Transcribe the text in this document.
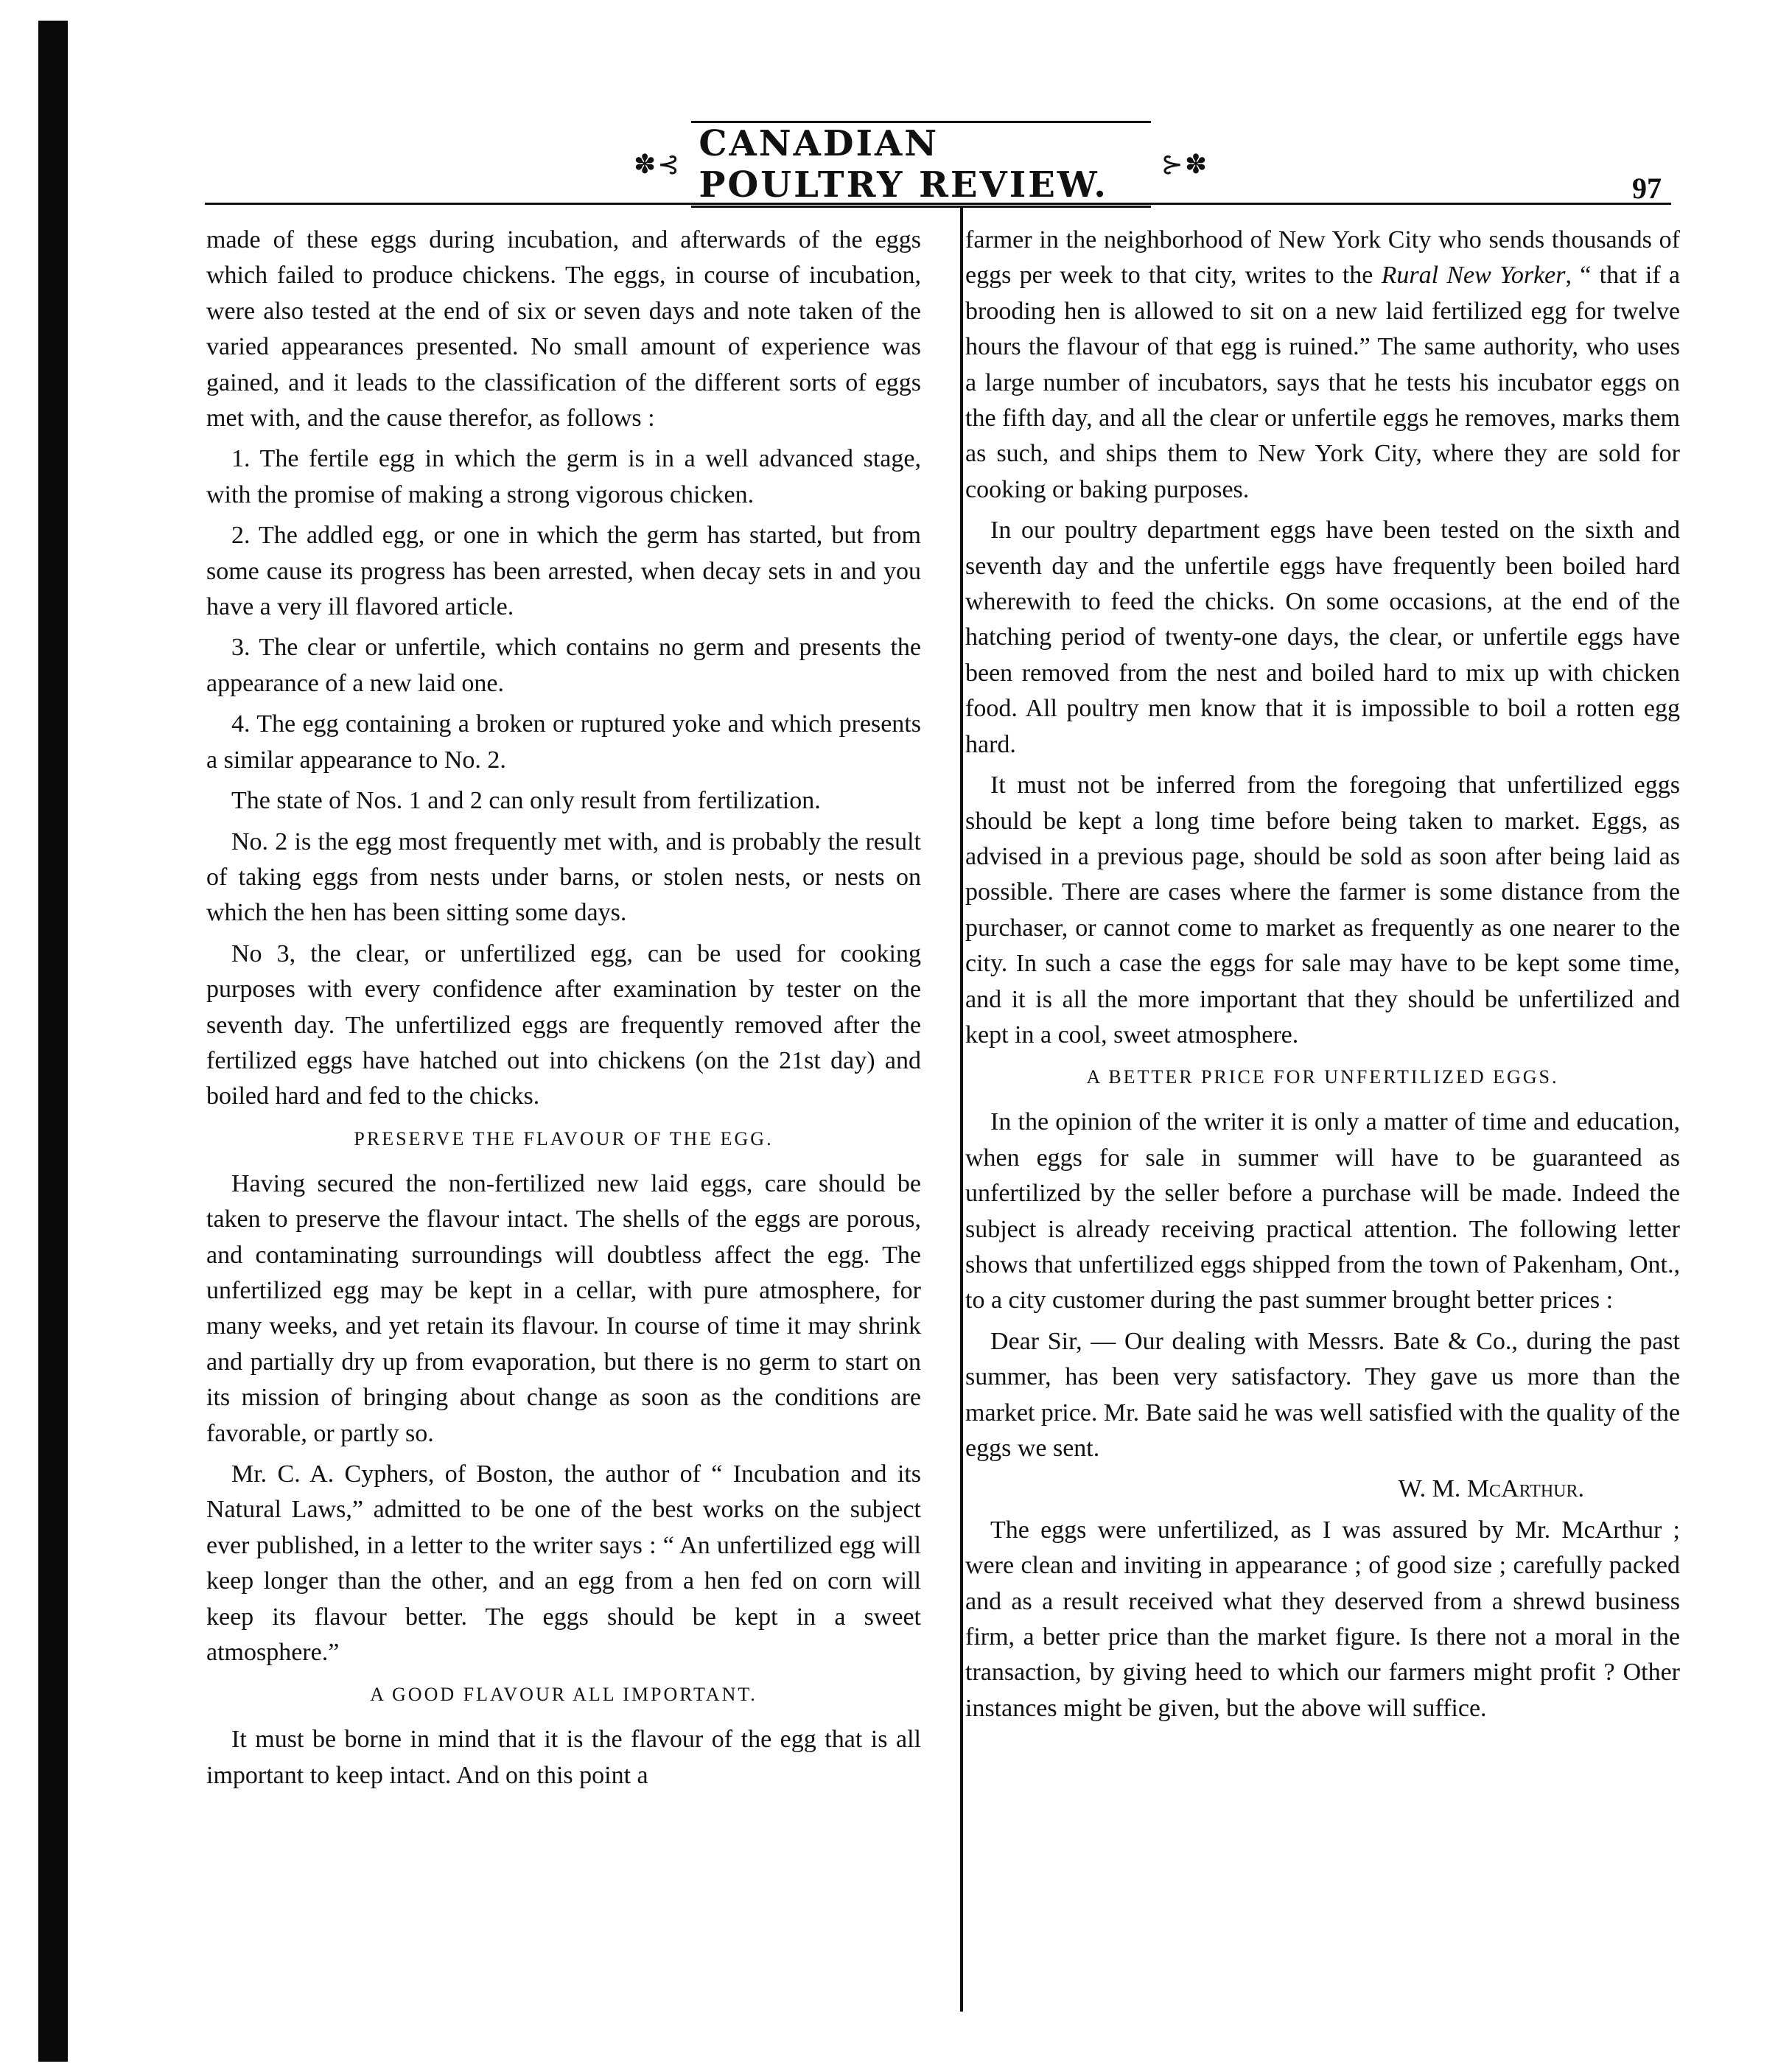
✽⊰ CANADIAN POULTRY REVIEW.	⊱✽
97

made of these eggs during incubation, and afterwards of the eggs which failed to produce chickens. The eggs, in course of incubation, were also tested at the end of six or seven days and note taken of the varied appearances presented. No small amount of experience was gained, and it leads to the classification of the different sorts of eggs met with, and the cause therefor, as follows :

1. The fertile egg in which the germ is in a well advanced stage, with the promise of making a strong vigorous chicken.

2. The addled egg, or one in which the germ has started, but from some cause its progress has been arrested, when decay sets in and you have a very ill flavored article.

3. The clear or unfertile, which contains no germ and presents the appearance of a new laid one.

4. The egg containing a broken or ruptured yoke and which presents a similar appearance to No. 2.

The state of Nos. 1 and 2 can only result from fertilization.

No. 2 is the egg most frequently met with, and is probably the result of taking eggs from nests under barns, or stolen nests, or nests on which the hen has been sitting some days.

No 3, the clear, or unfertilized egg, can be used for cooking purposes with every confidence after examination by tester on the seventh day. The unfertilized eggs are frequently removed after the fertilized eggs have hatched out into chickens (on the 21st day) and boiled hard and fed to the chicks.

PRESERVE THE FLAVOUR OF THE EGG.

Having secured the non-fertilized new laid eggs, care should be taken to preserve the flavour intact. The shells of the eggs are porous, and contaminating surroundings will doubtless affect the egg. The unfertilized egg may be kept in a cellar, with pure atmosphere, for many weeks, and yet retain its flavour. In course of time it may shrink and partially dry up from evaporation, but there is no germ to start on its mission of bringing about change as soon as the conditions are favorable, or partly so.

Mr. C. A. Cyphers, of Boston, the author of “ Incubation and its Natural Laws,” admitted to be one of the best works on the subject ever published, in a letter to the writer says : “ An unfertilized egg will keep longer than the other, and an egg from a hen fed on corn will keep its flavour better. The eggs should be kept in a sweet atmosphere.”

A GOOD FLAVOUR ALL IMPORTANT.

It must be borne in mind that it is the flavour of the egg that is all important to keep intact. And on this point a

farmer in the neighborhood of New York City who sends thousands of eggs per week to that city, writes to the Rural New Yorker, “ that if a brooding hen is allowed to sit on a new laid fertilized egg for twelve hours the flavour of that egg is ruined.” The same authority, who uses a large number of incubators, says that he tests his incubator eggs on the fifth day, and all the clear or unfertile eggs he removes, marks them as such, and ships them to New York City, where they are sold for cooking or baking purposes.

In our poultry department eggs have been tested on the sixth and seventh day and the unfertile eggs have frequently been boiled hard wherewith to feed the chicks. On some occasions, at the end of the hatching period of twenty-one days, the clear, or unfertile eggs have been removed from the nest and boiled hard to mix up with chicken food. All poultry men know that it is impossible to boil a rotten egg hard.

It must not be inferred from the foregoing that unfertilized eggs should be kept a long time before being taken to market. Eggs, as advised in a previous page, should be sold as soon after being laid as possible. There are cases where the farmer is some distance from the purchaser, or cannot come to market as frequently as one nearer to the city. In such a case the eggs for sale may have to be kept some time, and it is all the more important that they should be unfertilized and kept in a cool, sweet atmosphere.

A BETTER PRICE FOR UNFERTILIZED EGGS.

In the opinion of the writer it is only a matter of time and education, when eggs for sale in summer will have to be guaranteed as unfertilized by the seller before a purchase will be made. Indeed the subject is already receiving practical attention. The following letter shows that unfertilized eggs shipped from the town of Pakenham, Ont., to a city customer during the past summer brought better prices :

Dear Sir, — Our dealing with Messrs. Bate & Co., during the past summer, has been very satisfactory. They gave us more than the market price. Mr. Bate said he was well satisfied with the quality of the eggs we sent.

W. M. McArthur.

The eggs were unfertilized, as I was assured by Mr. McArthur ; were clean and inviting in appearance ; of good size ; carefully packed and as a result received what they deserved from a shrewd business firm, a better price than the market figure. Is there not a moral in the transaction, by giving heed to which our farmers might profit ? Other instances might be given, but the above will suffice.
